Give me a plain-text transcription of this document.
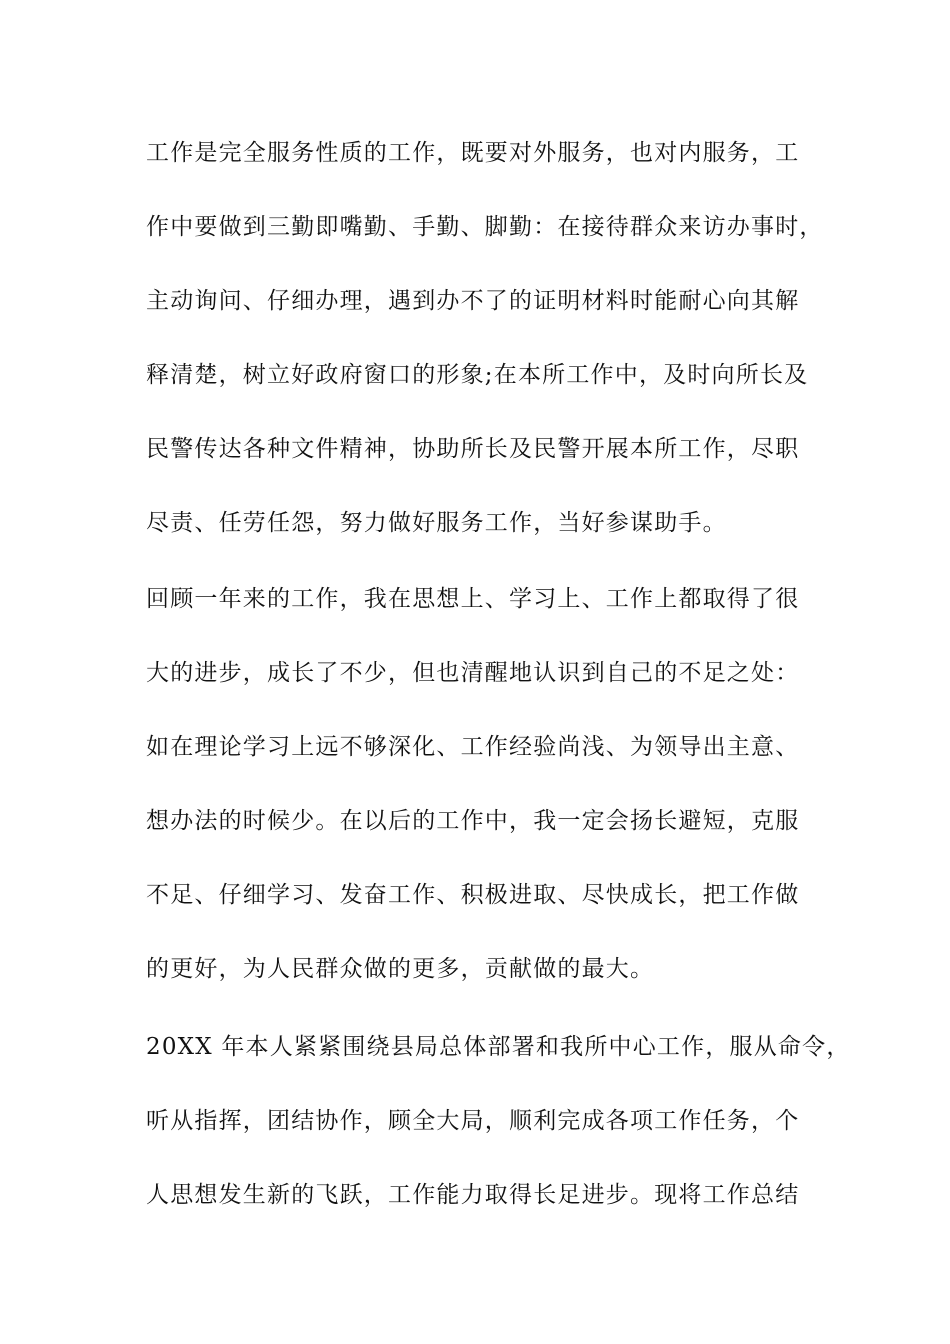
工作是完全服务性质的工作，既要对外服务，也对内服务，工
作中要做到三勤即嘴勤、手勤、脚勤：在接待群众来访办事时，
主动询问、仔细办理，遇到办不了的证明材料时能耐心向其解
释清楚，树立好政府窗口的形象;在本所工作中，及时向所长及
民警传达各种文件精神，协助所长及民警开展本所工作，尽职
尽责、任劳任怨，努力做好服务工作，当好参谋助手。
回顾一年来的工作，我在思想上、学习上、工作上都取得了很
大的进步，成长了不少，但也清醒地认识到自己的不足之处：
如在理论学习上远不够深化、工作经验尚浅、为领导出主意、
想办法的时候少。在以后的工作中，我一定会扬长避短，克服
不足、仔细学习、发奋工作、积极进取、尽快成长，把工作做
的更好，为人民群众做的更多，贡献做的最大。
20XX 年本人紧紧围绕县局总体部署和我所中心工作，服从命令，
听从指挥，团结协作，顾全大局，顺利完成各项工作任务，个
人思想发生新的飞跃，工作能力取得长足进步。现将工作总结
